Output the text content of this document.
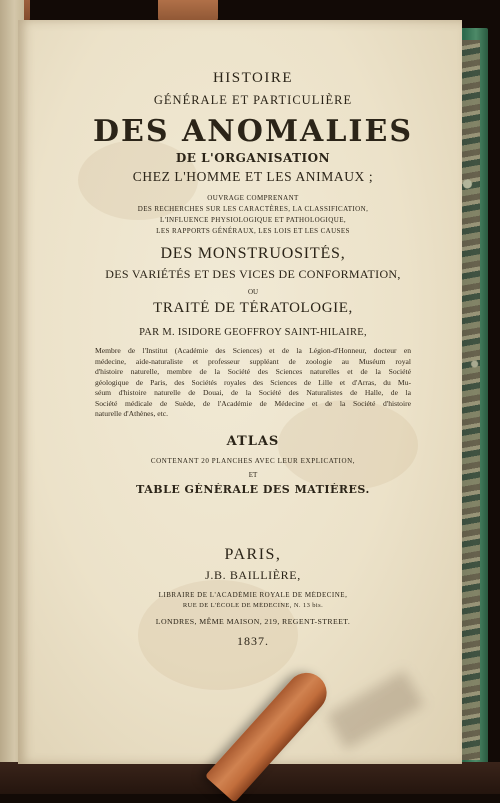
HISTOIRE
GÉNÉRALE ET PARTICULIÈRE
DES ANOMALIES
DE L'ORGANISATION
CHEZ L'HOMME ET LES ANIMAUX ;
OUVRAGE COMPRENANT
DES RECHERCHES SUR LES CARACTÈRES, LA CLASSIFICATION,
L'INFLUENCE PHYSIOLOGIQUE ET PATHOLOGIQUE,
LES RAPPORTS GÉNÉRAUX, LES LOIS ET LES CAUSES
DES MONSTRUOSITÉS,
DES VARIÉTÉS ET DES VICES DE CONFORMATION,
OU
TRAITÉ DE TÉRATOLOGIE,
PAR M. ISIDORE GEOFFROY SAINT-HILAIRE,
Membre de l'Institut (Académie des Sciences) et de la Légion-d'Honneur, docteur en
médecine, aide-naturaliste et professeur suppléant de zoologie au Muséum royal
d'histoire naturelle, membre de la Société des Sciences naturelles et de la Société
géologique de Paris, des Sociétés royales des Sciences de Lille et d'Arras, du Mu-
séum d'histoire naturelle de Douai, de la Société des Naturalistes de Halle, de la
Société médicale de Suède, de l'Académie de Médecine et de la Société d'histoire
naturelle d'Athènes, etc.
ATLAS
CONTENANT 20 PLANCHES AVEC LEUR EXPLICATION,
ET
TABLE GÉNÉRALE DES MATIÈRES.
PARIS,
J.B. BAILLIÈRE,
LIBRAIRE DE L'ACADÉMIE ROYALE DE MÉDECINE,
RUE DE L'ÉCOLE DE MÉDECINE, N. 13 bis.
LONDRES, MÊME MAISON, 219, REGENT-STREET.
1837.
